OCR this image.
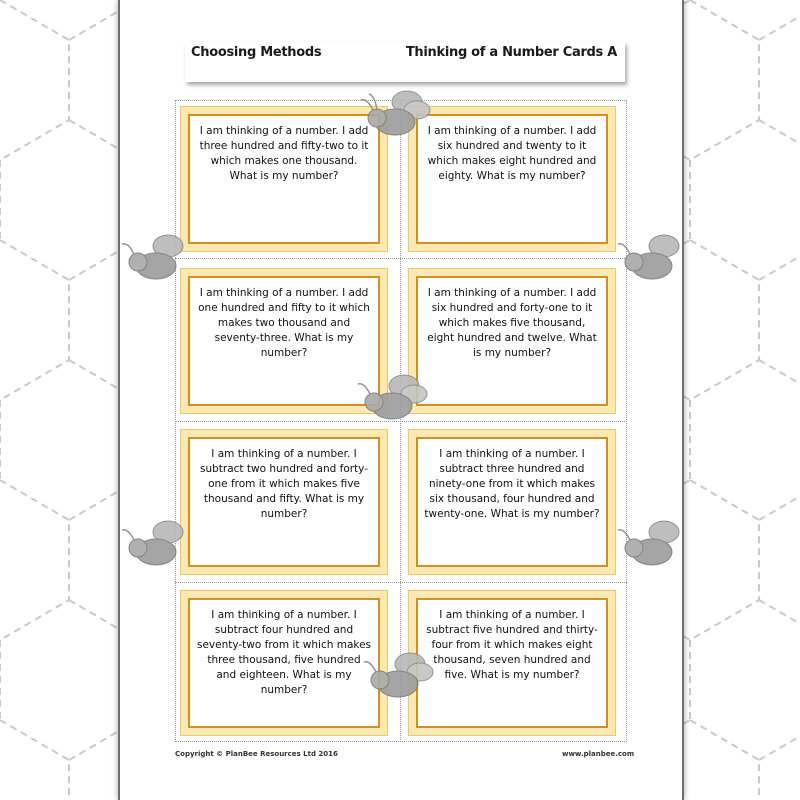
Choosing Methods	Thinking of a Number Cards A
I am thinking of a number. I add three hundred and fifty-two to it which makes one thousand. What is my number?
I am thinking of a number. I add six hundred and twenty to it which makes eight hundred and eighty. What is my number?
I am thinking of a number. I add one hundred and fifty to it which makes two thousand and seventy-three. What is my number?
I am thinking of a number. I add six hundred and forty-one to it which makes five thousand, eight hundred and twelve. What is my number?
I am thinking of a number. I subtract two hundred and forty-one from it which makes five thousand and fifty. What is my number?
I am thinking of a number. I subtract three hundred and ninety-one from it which makes six thousand, four hundred and twenty-one. What is my number?
I am thinking of a number. I subtract four hundred and seventy-two from it which makes three thousand, five hundred and eighteen. What is my number?
I am thinking of a number. I subtract five hundred and thirty-four from it which makes eight thousand, seven hundred and five. What is my number?
Copyright © PlanBee Resources Ltd 2016	www.planbee.com
